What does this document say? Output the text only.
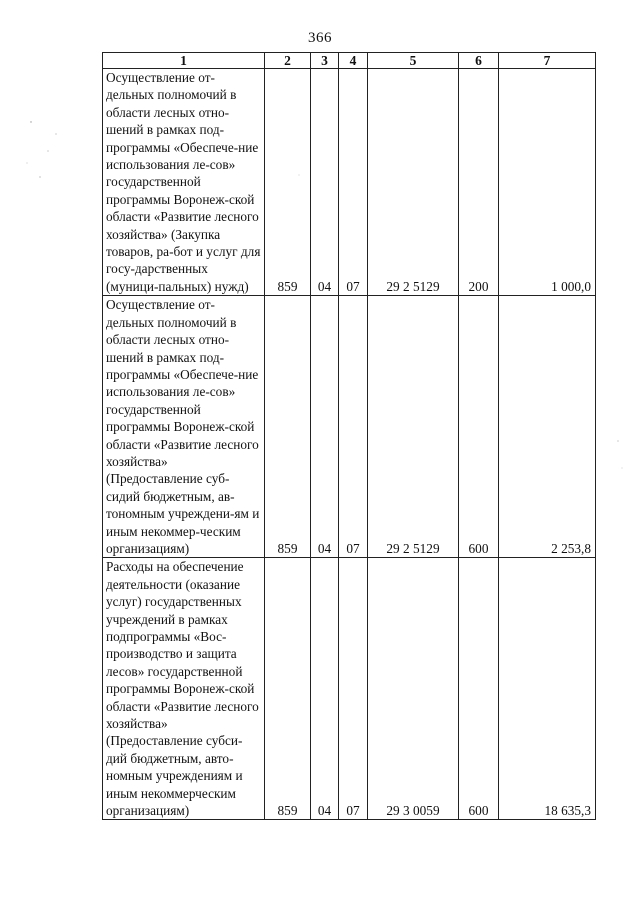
366
1	2	3	4	5	6	7
Осуществление от-дельных полномочий в области лесных отно-шений в рамках под-программы «Обеспече-ние использования ле-сов» государственной программы Воронеж-ской области «Развитие лесного хозяйства» (Закупка товаров, ра-бот и услуг для госу-дарственных (муници-пальных) нужд)	859	04	07	29 2 5129	200	1 000,0
Осуществление от-дельных полномочий в области лесных отно-шений в рамках под-программы «Обеспече-ние использования ле-сов» государственной программы Воронеж-ской области «Развитие лесного хозяйства» (Предоставление суб-сидий бюджетным, ав-тономным учреждени-ям и иным некоммер-ческим организациям)	859	04	07	29 2 5129	600	2 253,8
Расходы на обеспечение деятельности (оказание услуг) государственных учреждений в рамках подпрограммы «Вос-производство и защита лесов» государственной программы Воронеж-ской области «Развитие лесного хозяйства» (Предоставление субси-дий бюджетным, авто-номным учреждениям и иным некоммерческим организациям)	859	04	07	29 3 0059	600	18 635,3
